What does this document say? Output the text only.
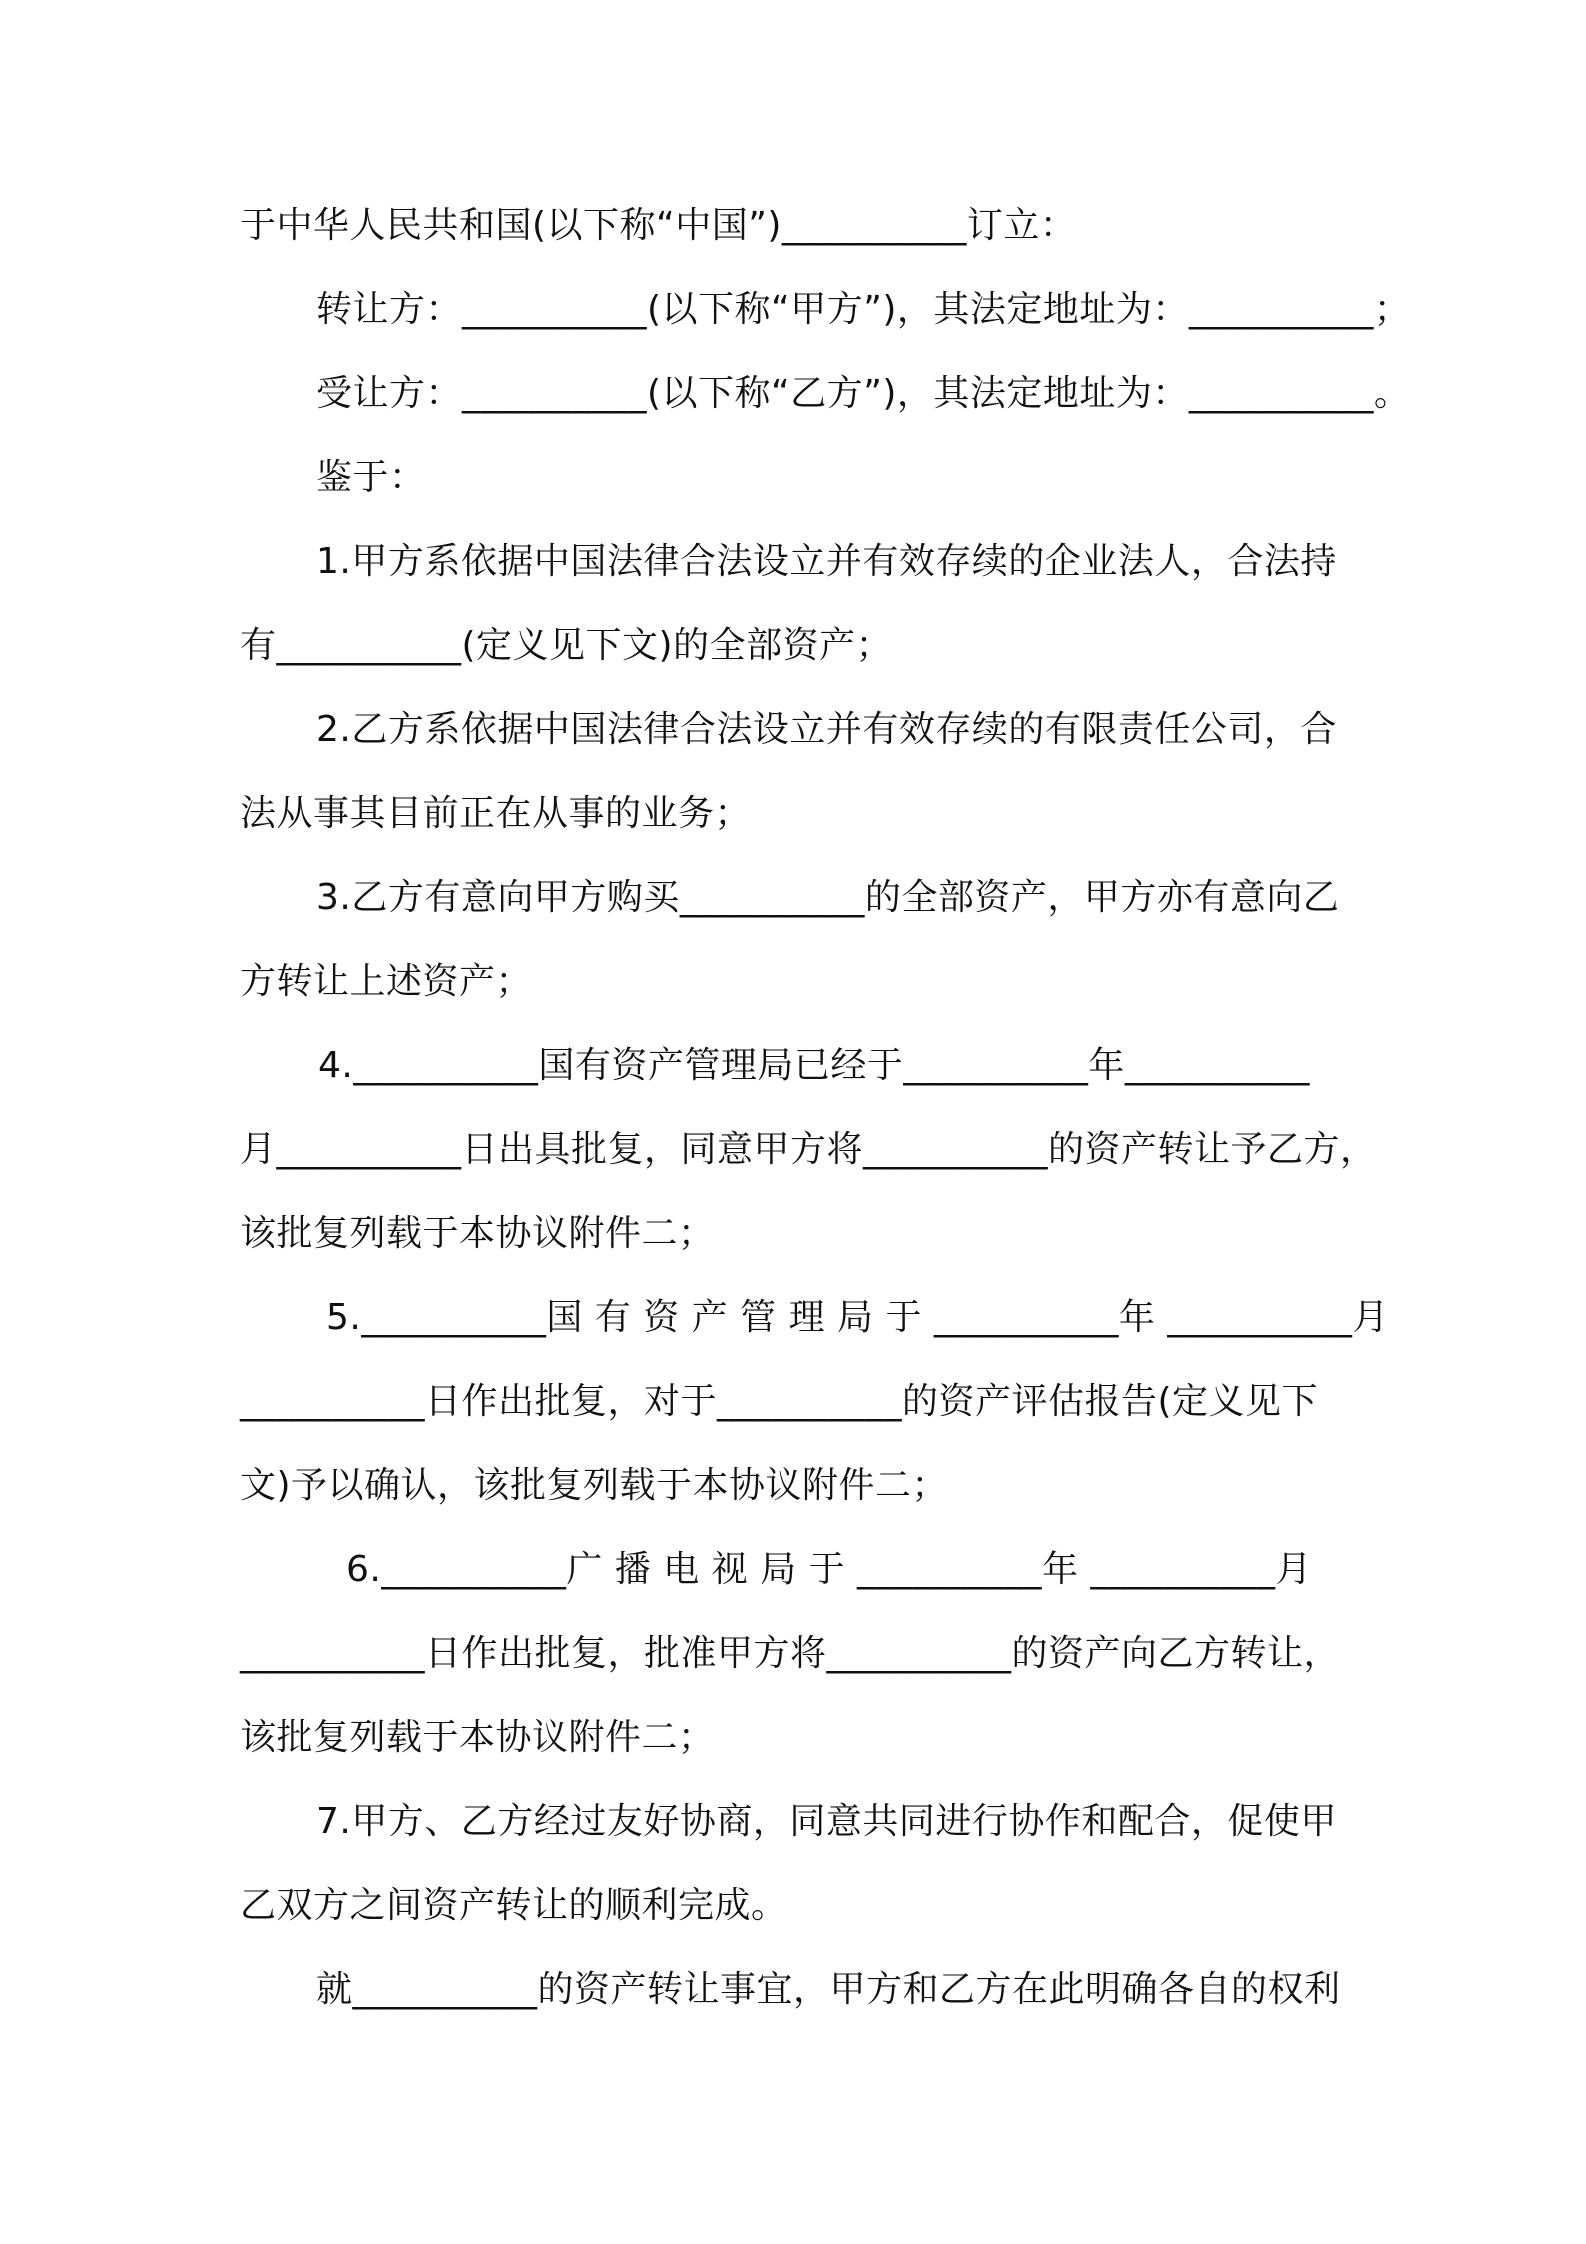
于中华人民共和国(以下称“中国”)__________订立：
转让方：__________(以下称“甲方”)，其法定地址为：__________；
受让方：__________(以下称“乙方”)，其法定地址为：__________。
鉴于：
1.甲方系依据中国法律合法设立并有效存续的企业法人，合法持
有__________(定义见下文)的全部资产；
2.乙方系依据中国法律合法设立并有效存续的有限责任公司，合
法从事其目前正在从事的业务；
3.乙方有意向甲方购买__________的全部资产，甲方亦有意向乙
方转让上述资产；
4.__________国有资产管理局已经于__________年__________
月__________日出具批复，同意甲方将__________的资产转让予乙方，
该批复列载于本协议附件二；
5.__________国 有 资 产 管 理 局 于 __________年 __________月
__________日作出批复，对于__________的资产评估报告(定义见下
文)予以确认，该批复列载于本协议附件二；
6.__________广 播 电 视 局 于 __________年 __________月
__________日作出批复，批准甲方将__________的资产向乙方转让，
该批复列载于本协议附件二；
7.甲方、乙方经过友好协商，同意共同进行协作和配合，促使甲
乙双方之间资产转让的顺利完成。
就__________的资产转让事宜，甲方和乙方在此明确各自的权利
